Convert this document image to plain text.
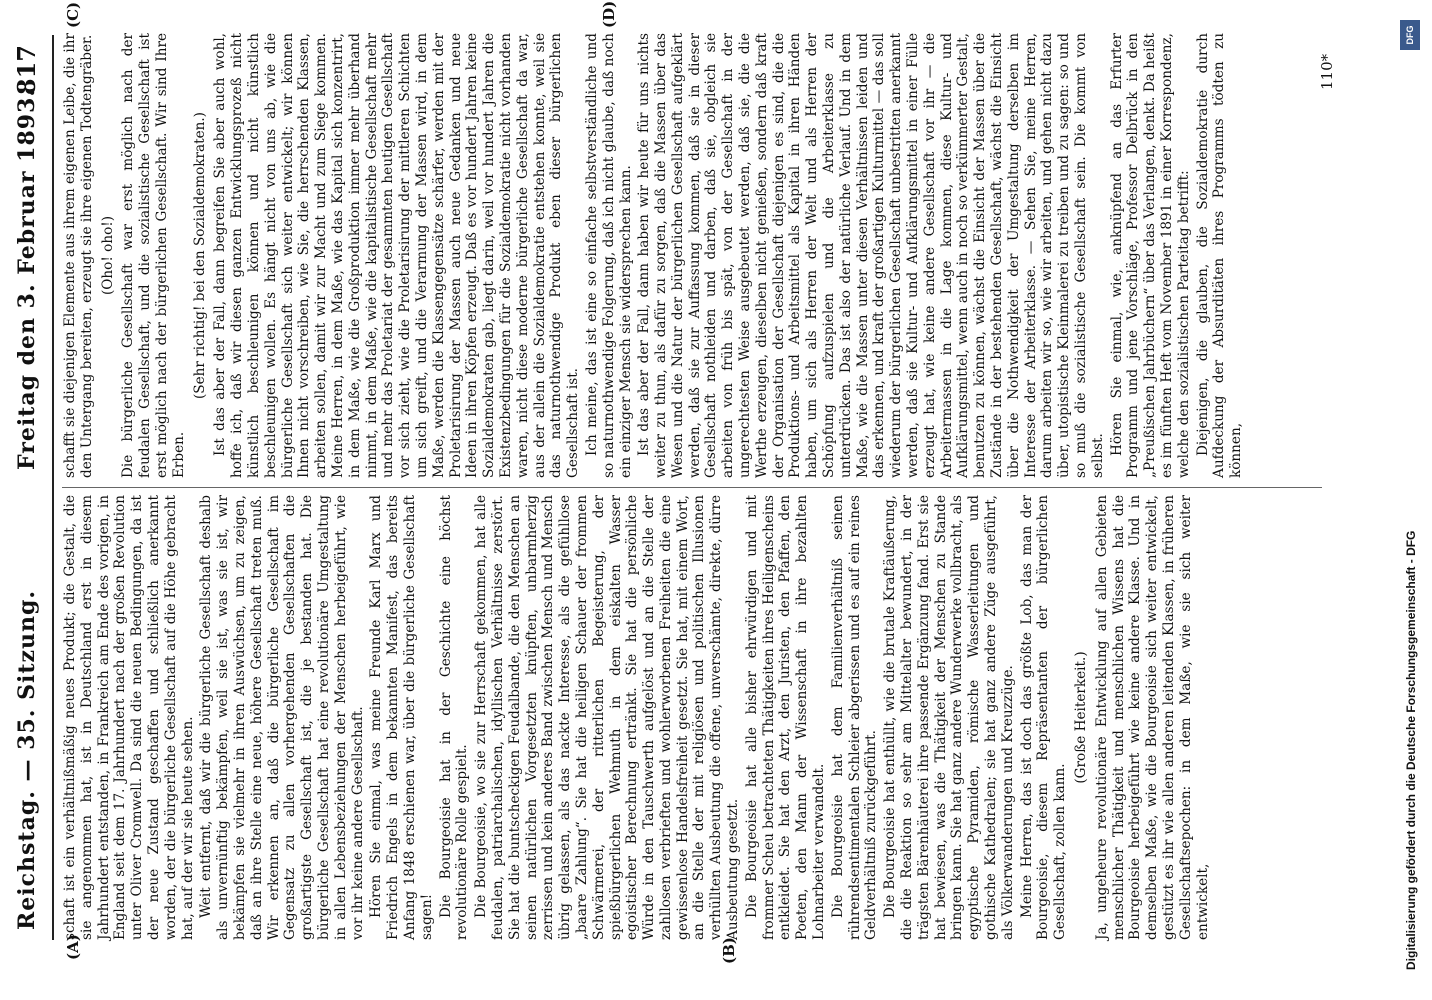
Reichstag. — 35. Sitzung.
Freitag den 3. Februar 1893.
817
(A)	(B)
(C)	(D)

schaft ist ein verhältnißmäßig neues Produkt; die Gestalt, die sie angenommen hat, ist in Deutschland erst in diesem Jahrhundert entstanden, in Frankreich am Ende des vorigen, in England seit dem 17. Jahrhundert nach der großen Revolution unter Oliver Cromwell. Da sind die neuen Bedingungen, da ist der neue Zustand geschaffen und schließlich anerkannt worden, der die bürgerliche Gesellschaft auf die Höhe gebracht hat, auf der wir sie heute sehen. Weit entfernt, daß wir die bürgerliche Gesellschaft deshalb als unvernünftig bekämpfen, weil sie ist, was sie ist, wir bekämpfen sie vielmehr in ihren Auswüchsen, um zu zeigen, daß an ihre Stelle eine neue, höhere Gesellschaft treten muß. Wir erkennen an, daß die bürgerliche Gesellschaft im Gegensatz zu allen vorhergehenden Gesellschaften die großartigste Gesellschaft ist, die je bestanden hat. Die bürgerliche Gesellschaft hat eine revolutionäre Umgestaltung in allen Lebensbeziehungen der Menschen herbeigeführt, wie vor ihr keine andere Gesellschaft. Hören Sie einmal, was meine Freunde Karl Marx und Friedrich Engels in dem bekannten Manifest, das bereits Anfang 1848 erschienen war, über die bürgerliche Gesellschaft sagen! Die Bourgeoisie hat in der Geschichte eine höchst revolutionäre Rolle gespielt. Die Bourgeoisie, wo sie zur Herrschaft gekommen, hat alle feudalen, patriarchalischen, idyllischen Verhältnisse zerstört. Sie hat die buntscheckigen Feudalbande, die den Menschen an seinen natürlichen Vorgesetzten knüpften, unbarmherzig zerrissen und kein anderes Band zwischen Mensch und Mensch übrig gelassen, als das nackte Interesse, als die gefühllose „baare Zahlung“. Sie hat die heiligen Schauer der frommen Schwärmerei, der ritterlichen Begeisterung, der spießbürgerlichen Wehmuth in dem eiskalten Wasser egoistischer Berechnung ertränkt. Sie hat die persönliche Würde in den Tauschwerth aufgelöst und an die Stelle der zahllosen verbrieften und wohlerworbenen Freiheiten die eine gewissenlose Handelsfreiheit gesetzt. Sie hat, mit einem Wort, an die Stelle der mit religiösen und politischen Illusionen verhüllten Ausbeutung die offene, unverschämte, direkte, dürre Ausbeutung gesetzt. Die Bourgeoisie hat alle bisher ehrwürdigen und mit frommer Scheu betrachteten Thätigkeiten ihres Heiligenscheins entkleidet. Sie hat den Arzt, den Juristen, den Pfaffen, den Poeten, den Mann der Wissenschaft in ihre bezahlten Lohnarbeiter verwandelt. Die Bourgeoisie hat dem Familienverhältniß seinen rührendsentimentalen Schleier abgerissen und es auf ein reines Geldverhältniß zurückgeführt. Die Bourgeoisie hat enthüllt, wie die brutale Kraftäußerung, die die Reaktion so sehr am Mittelalter bewundert, in der trägsten Bärenhäuterei ihre passende Ergänzung fand. Erst sie hat bewiesen, was die Thätigkeit der Menschen zu Stande bringen kann. Sie hat ganz andere Wunderwerke vollbracht, als egyptische Pyramiden, römische Wasserleitungen und gothische Kathedralen; sie hat ganz andere Züge ausgeführt, als Völkerwanderungen und Kreuzzüge. Meine Herren, das ist doch das größte Lob, das man der Bourgeoisie, diesem Repräsentanten der bürgerlichen Gesellschaft, zollen kann.

(Große Heiterkeit.) Ja, ungeheure revolutionäre Entwicklung auf allen Gebieten menschlicher Thätigkeit und menschlichen Wissens hat die Bourgeoisie herbeigeführt wie keine andere Klasse. Und in demselben Maße, wie die Bourgeoisie sich weiter entwickelt, gestützt es ihr wie allen anderen leitenden Klassen, in früheren Gesellschaftsepochen: in dem Maße, wie sie sich weiter entwickelt,

schafft sie diejenigen Elemente aus ihrem eigenen Leibe, die ihr den Untergang bereiten, erzeugt sie ihre eigenen Todtengräber. (Oho! oho!) Die bürgerliche Gesellschaft war erst möglich nach der feudalen Gesellschaft, und die sozialistische Gesellschaft ist erst möglich nach der bürgerlichen Gesellschaft. Wir sind Ihre Erben.

(Sehr richtig! bei den Sozialdemokraten.) Ist das aber der Fall, dann begreifen Sie aber auch wohl, hoffe ich, daß wir diesen ganzen Entwicklungsprozeß nicht künstlich beschleunigen können und nicht künstlich beschleunigen wollen. Es hängt nicht von uns ab, wie die bürgerliche Gesellschaft sich weiter entwickelt; wir können Ihnen nicht vorschreiben, wie Sie, die herrschenden Klassen, arbeiten sollen, damit wir zur Macht und zum Siege kommen. Meine Herren, in dem Maße, wie das Kapital sich konzentrirt, in dem Maße, wie die Großproduktion immer mehr überhand nimmt, in dem Maße, wie die kapitalistische Gesellschaft mehr und mehr das Proletariat der gesammten heutigen Gesellschaft vor sich zieht, wie die Proletarisirung der mittleren Schichten um sich greift, und die Verarmung der Massen wird, in dem Maße, werden die Klassengegensätze schärfer, werden mit der Proletarisirung der Massen auch neue Gedanken und neue Ideen in ihren Köpfen erzeugt. Daß es vor hundert Jahren keine Sozialdemokraten gab, liegt darin, weil vor hundert Jahren die Existenzbedingungen für die Sozialdemokratie nicht vorhanden waren, nicht diese moderne bürgerliche Gesellschaft da war, aus der allein die Sozialdemokratie entstehen konnte, weil sie das naturnothwendige Produkt eben dieser bürgerlichen Gesellschaft ist. Ich meine, das ist eine so einfache selbstverständliche und so naturnothwendige Folgerung, daß ich nicht glaube, daß noch ein einziger Mensch sie widersprechen kann. Ist das aber der Fall, dann haben wir heute für uns nichts weiter zu thun, als dafür zu sorgen, daß die Massen über das Wesen und die Natur der bürgerlichen Gesellschaft aufgeklärt werden, daß sie zur Auffassung kommen, daß sie in dieser Gesellschaft nothleiden und darben, daß sie, obgleich sie arbeiten von früh bis spät, von der Gesellschaft in der ungerechtesten Weise ausgebeutet werden, daß sie, die die Werthe erzeugen, dieselben nicht genießen, sondern daß kraft der Organisation der Gesellschaft diejenigen es sind, die die Produktions- und Arbeitsmittel als Kapital in ihren Händen haben, um sich als Herren der Welt und als Herren der Schöpfung aufzuspielen und die Arbeiterklasse zu unterdrücken. Das ist also der natürliche Verlauf. Und in dem Maße, wie die Massen unter diesen Verhältnissen leiden und das erkennen, und kraft der großartigen Kulturmittel — das soll wiederum der bürgerlichen Gesellschaft unbestritten anerkannt werden, daß sie Kultur- und Aufklärungsmittel in einer Fülle erzeugt hat, wie keine andere Gesellschaft vor ihr — die Arbeitermassen in die Lage kommen, diese Kultur- und Aufklärungsmittel, wenn auch in noch so verkümmerter Gestalt, benutzen zu können, wächst die Einsicht der Massen über die Zustände in der bestehenden Gesellschaft, wächst die Einsicht über die Nothwendigkeit der Umgestaltung derselben im Interesse der Arbeiterklasse. — Sehen Sie, meine Herren, darum arbeiten wir so, wie wir arbeiten, und gehen nicht dazu über, utopistische Kleinmalerei zu treiben und zu sagen: so und so muß die sozialistische Gesellschaft sein. Die kommt von selbst. Hören Sie einmal, wie, anknüpfend an das Erfurter Programm und jene Vorschläge, Professor Delbrück in den „Preußischen Jahrbüchern“ über das Verlangen, denkt. Da heißt es im fünften Heft vom November 1891 in einer Korrespondenz, welche den sozialistischen Parteitag betrifft: Diejenigen, die glauben, die Sozialdemokratie durch Aufdeckung der Absurditäten ihres Programms tödten zu können,

110*
Digitalisierung gefördert durch die Deutsche Forschungsgemeinschaft - DFG
DFG
